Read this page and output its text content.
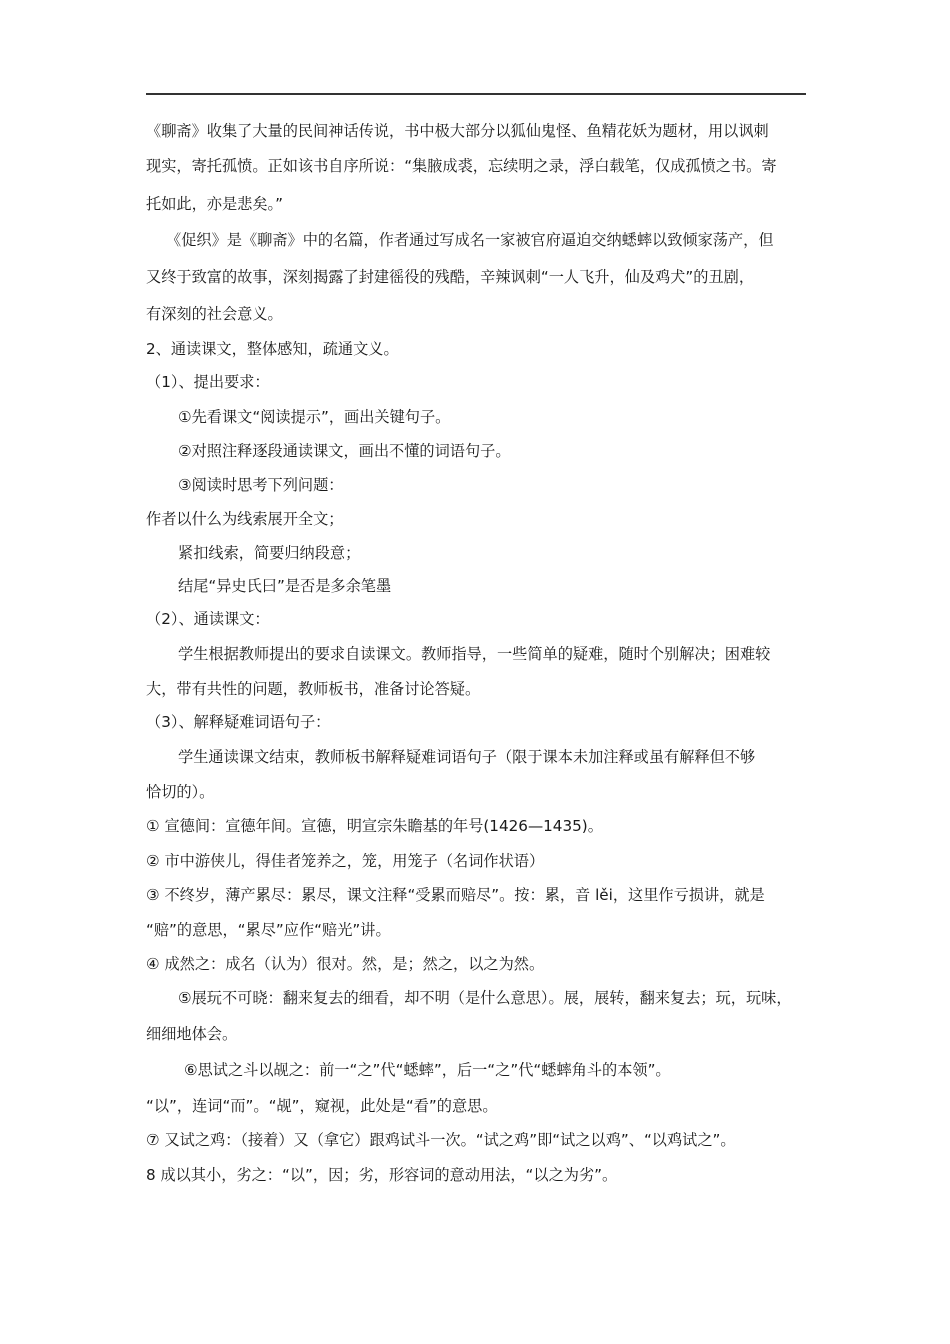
《聊斋》收集了大量的民间神话传说，书中极大部分以狐仙鬼怪、鱼精花妖为题材，用以讽刺
现实，寄托孤愤。正如该书自序所说：“集腋成裘，忘续明之录，浮白载笔，仅成孤愤之书。寄
托如此，亦是悲矣。”
《促织》是《聊斋》中的名篇，作者通过写成名一家被官府逼迫交纳蟋蟀以致倾家荡产，但
又终于致富的故事，深刻揭露了封建徭役的残酷，辛辣讽刺“一人飞升，仙及鸡犬”的丑剧，
有深刻的社会意义。
2、通读课文，整体感知，疏通文义。
（1）、提出要求：
①先看课文“阅读提示”，画出关键句子。
②对照注释逐段通读课文，画出不懂的词语句子。
③阅读时思考下列问题：
作者以什么为线索展开全文；
紧扣线索，简要归纳段意；
结尾“异史氏曰”是否是多余笔墨
（2）、通读课文：
学生根据教师提出的要求自读课文。教师指导，一些简单的疑难，随时个别解决；困难较
大，带有共性的问题，教师板书，准备讨论答疑。
（3）、解释疑难词语句子：
学生通读课文结束，教师板书解释疑难词语句子（限于课本未加注释或虽有解释但不够
恰切的）。
① 宣德间：宣德年间。宣德，明宣宗朱瞻基的年号(1426—1435)。
② 市中游侠儿，得佳者笼养之，笼，用笼子（名词作状语）
③ 不终岁，薄产累尽：累尽，课文注释“受累而赔尽”。按：累，音 lěi，这里作亏损讲，就是
“赔”的意思，“累尽”应作“赔光”讲。
④ 成然之：成名（认为）很对。然，是；然之，以之为然。
⑤展玩不可晓：翻来复去的细看，却不明（是什么意思）。展，展转，翻来复去；玩，玩味，
细细地体会。
⑥思试之斗以觇之：前一“之”代“蟋蟀”，后一“之”代“蟋蟀角斗的本领”。
“以”，连词“而”。“觇”，窥视，此处是“看”的意思。
⑦ 又试之鸡：（接着）又（拿它）跟鸡试斗一次。“试之鸡”即“试之以鸡”、“以鸡试之”。
8 成以其小，劣之：“以”，因；劣，形容词的意动用法，“以之为劣”。
